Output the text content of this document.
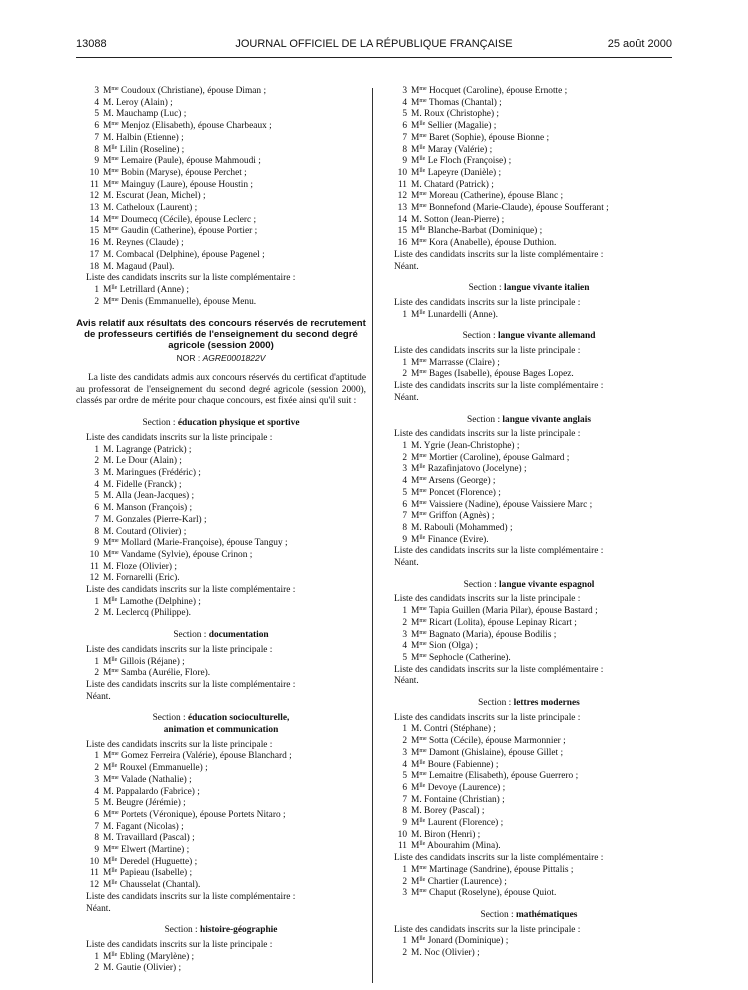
13088	JOURNAL OFFICIEL DE LA RÉPUBLIQUE FRANÇAISE	25 août 2000
3 $M^{me}$ Coudoux (Christiane), épouse Diman ;
4 M. Leroy (Alain) ;
5 M. Mauchamp (Luc) ;
6 $M^{me}$ Menjoz (Elisabeth), épouse Charbeaux ;
7 M. Halbin (Etienne) ;
8 $M^{lle}$ Lilin (Roseline) ;
9 $M^{me}$ Lemaire (Paule), épouse Mahmoudi ;
10 $M^{me}$ Bobin (Maryse), épouse Perchet ;
11 $M^{me}$ Mainguy (Laure), épouse Houstin ;
12 M. Escurat (Jean, Michel) ;
13 M. Catheloux (Laurent) ;
14 $M^{me}$ Doumecq (Cécile), épouse Leclerc ;
15 $M^{me}$ Gaudin (Catherine), épouse Portier ;
16 M. Reynes (Claude) ;
17 M. Combacal (Delphine), épouse Pagenel ;
18 M. Magaud (Paul).
Liste des candidats inscrits sur la liste complémentaire :
1 $M^{lle}$ Letrillard (Anne) ;
2 $M^{me}$ Denis (Emmanuelle), épouse Menu.
Avis relatif aux résultats des concours réservés de recrutement de professeurs certifiés de l'enseignement du second degré agricole (session 2000)
NOR : AGRE0001822V
La liste des candidats admis aux concours réservés du certificat d'aptitude au professorat de l'enseignement du second degré agricole (session 2000), classés par ordre de mérite pour chaque concours, est fixée ainsi qu'il suit :
Section : éducation physique et sportive
Liste des candidats inscrits sur la liste principale :
1 M. Lagrange (Patrick) ;
2 M. Le Dour (Alain) ;
3 M. Maringues (Frédéric) ;
4 M. Fidelle (Franck) ;
5 M. Alla (Jean-Jacques) ;
6 M. Manson (François) ;
7 M. Gonzales (Pierre-Karl) ;
8 M. Coutard (Olivier) ;
9 $M^{me}$ Mollard (Marie-Françoise), épouse Tanguy ;
10 $M^{me}$ Vandame (Sylvie), épouse Crinon ;
11 M. Floze (Olivier) ;
12 M. Fornarelli (Eric).
Liste des candidats inscrits sur la liste complémentaire :
1 $M^{lle}$ Lamothe (Delphine) ;
2 M. Leclercq (Philippe).
Section : documentation
Liste des candidats inscrits sur la liste principale :
1 $M^{lle}$ Gillois (Réjane) ;
2 $M^{me}$ Samba (Aurélie, Flore).
Liste des candidats inscrits sur la liste complémentaire :
Néant.
Section : éducation socioculturelle,
animation et communication
Liste des candidats inscrits sur la liste principale :
1 $M^{me}$ Gomez Ferreira (Valérie), épouse Blanchard ;
2 $M^{lle}$ Rouxel (Emmanuelle) ;
3 $M^{me}$ Valade (Nathalie) ;
4 M. Pappalardo (Fabrice) ;
5 M. Beugre (Jérémie) ;
6 $M^{me}$ Portets (Véronique), épouse Portets Nitaro ;
7 M. Fagant (Nicolas) ;
8 M. Travaillard (Pascal) ;
9 $M^{me}$ Elwert (Martine) ;
10 $M^{lle}$ Deredel (Huguette) ;
11 $M^{lle}$ Papieau (Isabelle) ;
12 $M^{lle}$ Chausselat (Chantal).
Liste des candidats inscrits sur la liste complémentaire :
Néant.
Section : histoire-géographie
Liste des candidats inscrits sur la liste principale :
1 $M^{lle}$ Ebling (Marylène) ;
2 M. Gautie (Olivier) ;
3 $M^{me}$ Hocquet (Caroline), épouse Ernotte ;
4 $M^{me}$ Thomas (Chantal) ;
5 M. Roux (Christophe) ;
6 $M^{lle}$ Sellier (Magalie) ;
7 $M^{me}$ Baret (Sophie), épouse Bionne ;
8 $M^{lle}$ Maray (Valérie) ;
9 $M^{lle}$ Le Floch (Françoise) ;
10 $M^{lle}$ Lapeyre (Danièle) ;
11 M. Chatard (Patrick) ;
12 $M^{me}$ Moreau (Catherine), épouse Blanc ;
13 $M^{me}$ Bonnefond (Marie-Claude), épouse Soufferant ;
14 M. Sotton (Jean-Pierre) ;
15 $M^{lle}$ Blanche-Barbat (Dominique) ;
16 $M^{me}$ Kora (Anabelle), épouse Duthion.
Liste des candidats inscrits sur la liste complémentaire :
Néant.
Section : langue vivante italien
Liste des candidats inscrits sur la liste principale :
1 $M^{lle}$ Lunardelli (Anne).
Section : langue vivante allemand
Liste des candidats inscrits sur la liste principale :
1 $M^{me}$ Marrasse (Claire) ;
2 $M^{me}$ Bages (Isabelle), épouse Bages Lopez.
Liste des candidats inscrits sur la liste complémentaire :
Néant.
Section : langue vivante anglais
Liste des candidats inscrits sur la liste principale :
1 M. Ygrie (Jean-Christophe) ;
2 $M^{me}$ Mortier (Caroline), épouse Galmard ;
3 $M^{lle}$ Razafinjatovo (Jocelyne) ;
4 $M^{me}$ Arsens (George) ;
5 $M^{me}$ Poncet (Florence) ;
6 $M^{me}$ Vaissiere (Nadine), épouse Vaissiere Marc ;
7 $M^{me}$ Griffon (Agnès) ;
8 M. Rabouli (Mohammed) ;
9 $M^{lle}$ Finance (Evire).
Liste des candidats inscrits sur la liste complémentaire :
Néant.
Section : langue vivante espagnol
Liste des candidats inscrits sur la liste principale :
1 $M^{me}$ Tapia Guillen (Maria Pilar), épouse Bastard ;
2 $M^{me}$ Ricart (Lolita), épouse Lepinay Ricart ;
3 $M^{me}$ Bagnato (Maria), épouse Bodilis ;
4 $M^{me}$ Sion (Olga) ;
5 $M^{me}$ Sephocle (Catherine).
Liste des candidats inscrits sur la liste complémentaire :
Néant.
Section : lettres modernes
Liste des candidats inscrits sur la liste principale :
1 M. Contri (Stéphane) ;
2 $M^{me}$ Sotta (Cécile), épouse Marmonnier ;
3 $M^{me}$ Damont (Ghislaine), épouse Gillet ;
4 $M^{lle}$ Boure (Fabienne) ;
5 $M^{me}$ Lemaitre (Elisabeth), épouse Guerrero ;
6 $M^{lle}$ Devoye (Laurence) ;
7 M. Fontaine (Christian) ;
8 M. Borey (Pascal) ;
9 $M^{lle}$ Laurent (Florence) ;
10 M. Biron (Henri) ;
11 $M^{lle}$ Abourahim (Mina).
Liste des candidats inscrits sur la liste complémentaire :
1 $M^{me}$ Martinage (Sandrine), épouse Pittalis ;
2 $M^{lle}$ Chartier (Laurence) ;
3 $M^{me}$ Chaput (Roselyne), épouse Quiot.
Section : mathématiques
Liste des candidats inscrits sur la liste principale :
1 $M^{lle}$ Jonard (Dominique) ;
2 M. Noc (Olivier) ;
